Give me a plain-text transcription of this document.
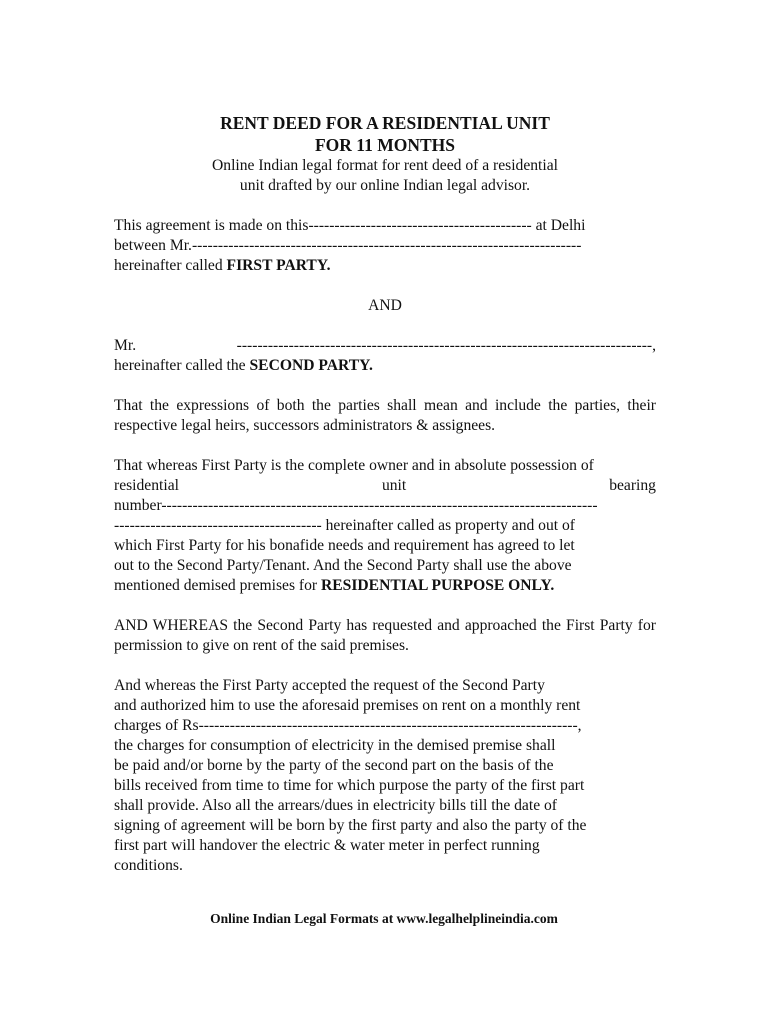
RENT DEED FOR A RESIDENTIAL UNIT
FOR 11 MONTHS
Online Indian legal format for rent deed of a residential
unit drafted by our online Indian legal advisor.
This agreement is made on this------------------------------------------- at Delhi
between Mr.---------------------------------------------------------------------------
hereinafter called FIRST PARTY.
AND
Mr.	--------------------------------------------------------------------------------,
hereinafter called the SECOND PARTY.

That the expressions of both the parties shall mean and include the parties, their respective legal heirs, successors administrators & assignees.

That whereas First Party is the complete owner and in absolute possession of
residential	unit	bearing
number------------------------------------------------------------------------------------
---------------------------------------- hereinafter called as property and out of
which First Party for his bonafide needs and requirement has agreed to let
out to the Second Party/Tenant. And the Second Party shall use the above
mentioned demised premises for RESIDENTIAL PURPOSE ONLY.

AND WHEREAS the Second Party has requested and approached the First Party for permission to give on rent of the said premises.

And whereas the First Party accepted the request of the Second Party
and authorized him to use the aforesaid premises on rent on a monthly rent
charges of Rs-------------------------------------------------------------------------,
the charges for consumption of electricity in the demised premise shall
be paid and/or borne by the party of the second part on the basis of the
bills received from time to time for which purpose the party of the first part
shall provide. Also all the arrears/dues in electricity bills till the date of
signing of agreement will be born by the first party and also the party of the
first part will handover the electric & water meter in perfect running
conditions.
Online Indian Legal Formats at www.legalhelplineindia.com
